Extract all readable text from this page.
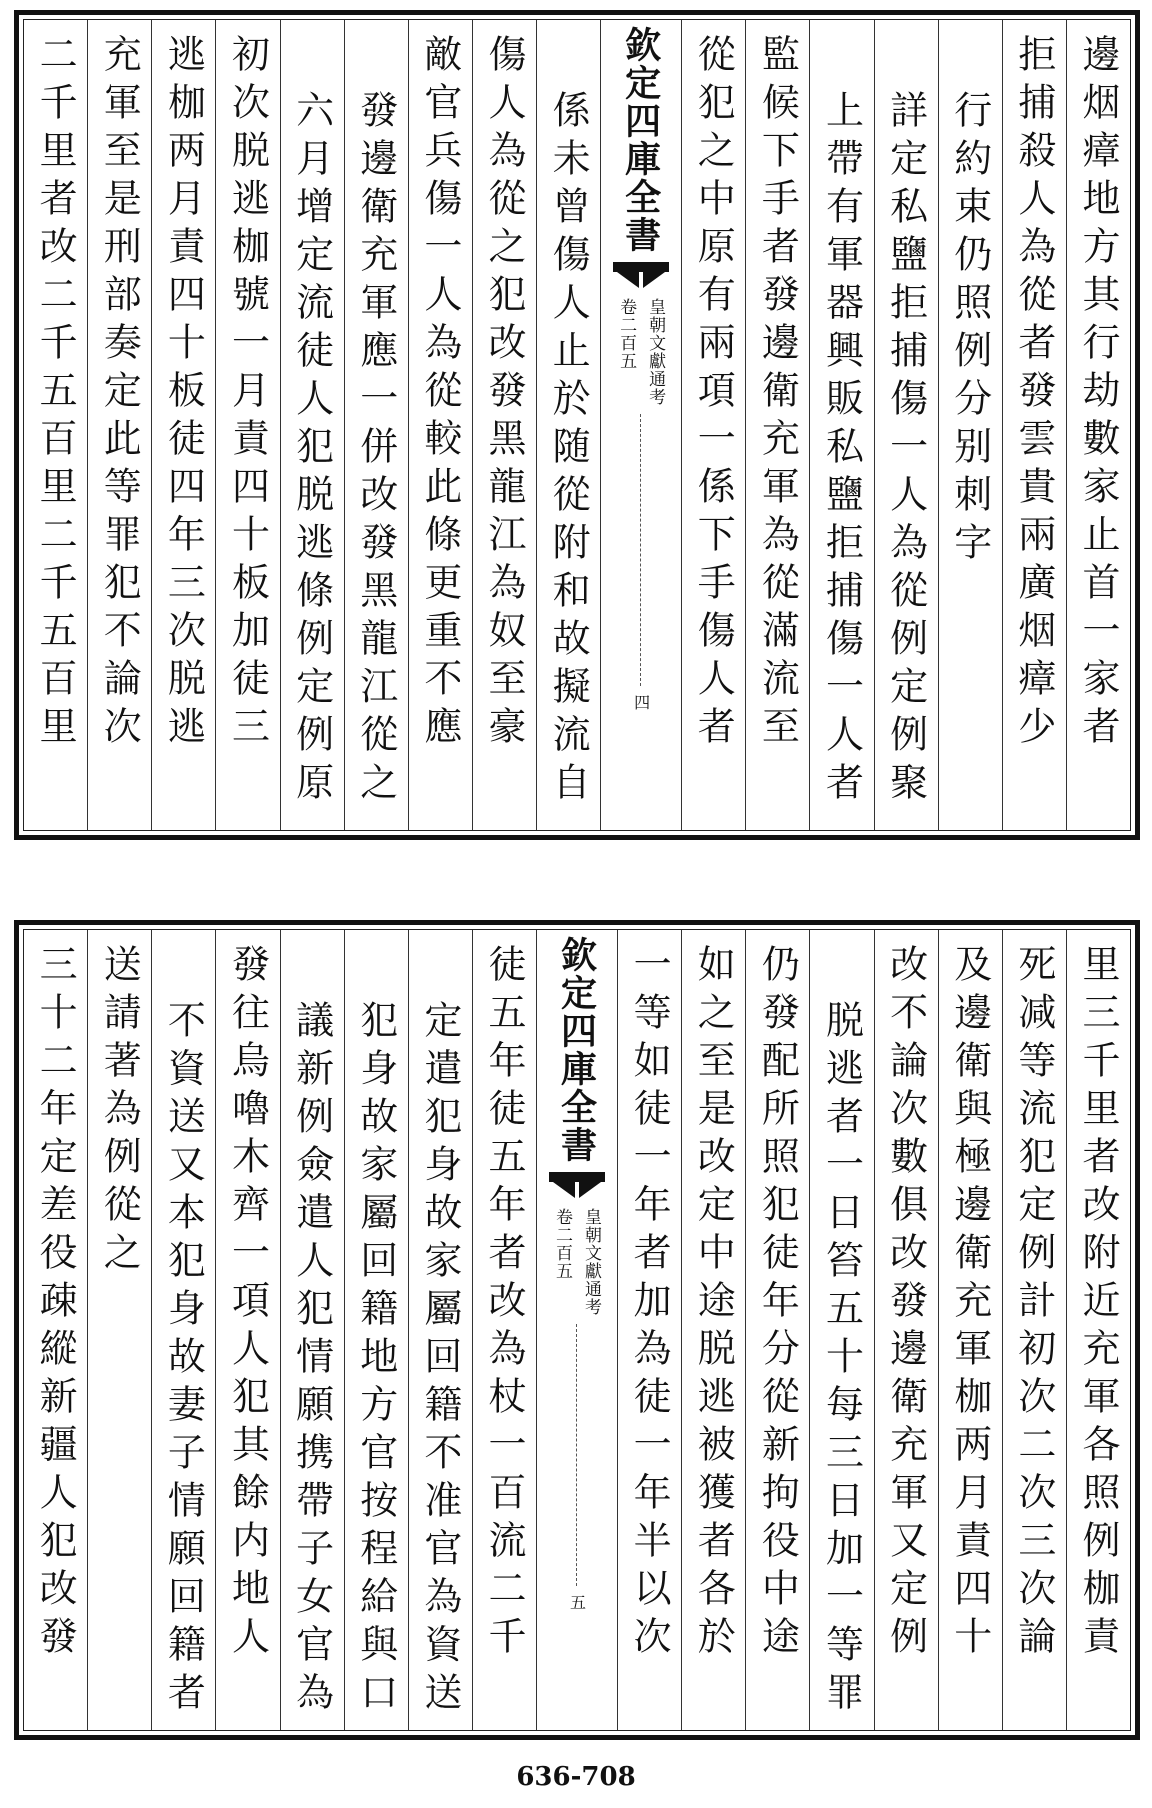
邊烟瘴地方其行劫數家止首一家者
拒捕殺人為從者發雲貴兩廣烟瘴少
行約束仍照例分别刺字
詳定私鹽拒捕傷一人為從例定例聚
上帶有軍器興販私鹽拒捕傷一人者
監候下手者發邊衛充軍為從滿流至
從犯之中原有兩項一係下手傷人者
欽定四庫全書
皇朝文獻通考
卷二百五
四
係未曾傷人止於随從附和故擬流自
傷人為從之犯改發黑龍江為奴至豪
敵官兵傷一人為從較此條更重不應
發邊衛充軍應一併改發黑龍江從之
六月增定流徒人犯脱逃條例定例原
初次脱逃枷號一月責四十板加徒三
逃枷两月責四十板徒四年三次脱逃
充軍至是刑部奏定此等罪犯不論次
二千里者改二千五百里二千五百里
里三千里者改附近充軍各照例枷責
死减等流犯定例計初次二次三次論
及邊衛與極邊衛充軍枷两月責四十
改不論次數俱改發邊衛充軍又定例
脱逃者一日笞五十每三日加一等罪
仍發配所照犯徒年分從新拘役中途
如之至是改定中途脱逃被獲者各於
一等如徒一年者加為徒一年半以次
欽定四庫全書
皇朝文獻通考
卷二百五
五
徒五年徒五年者改為杖一百流二千
定遣犯身故家屬回籍不准官為資送
犯身故家屬回籍地方官按程給與口
議新例僉遣人犯情願携帶子女官為
發往烏嚕木齊一項人犯其餘内地人
不資送又本犯身故妻子情願回籍者
送請著為例從之
三十二年定差役疎縱新疆人犯改發
636-708
